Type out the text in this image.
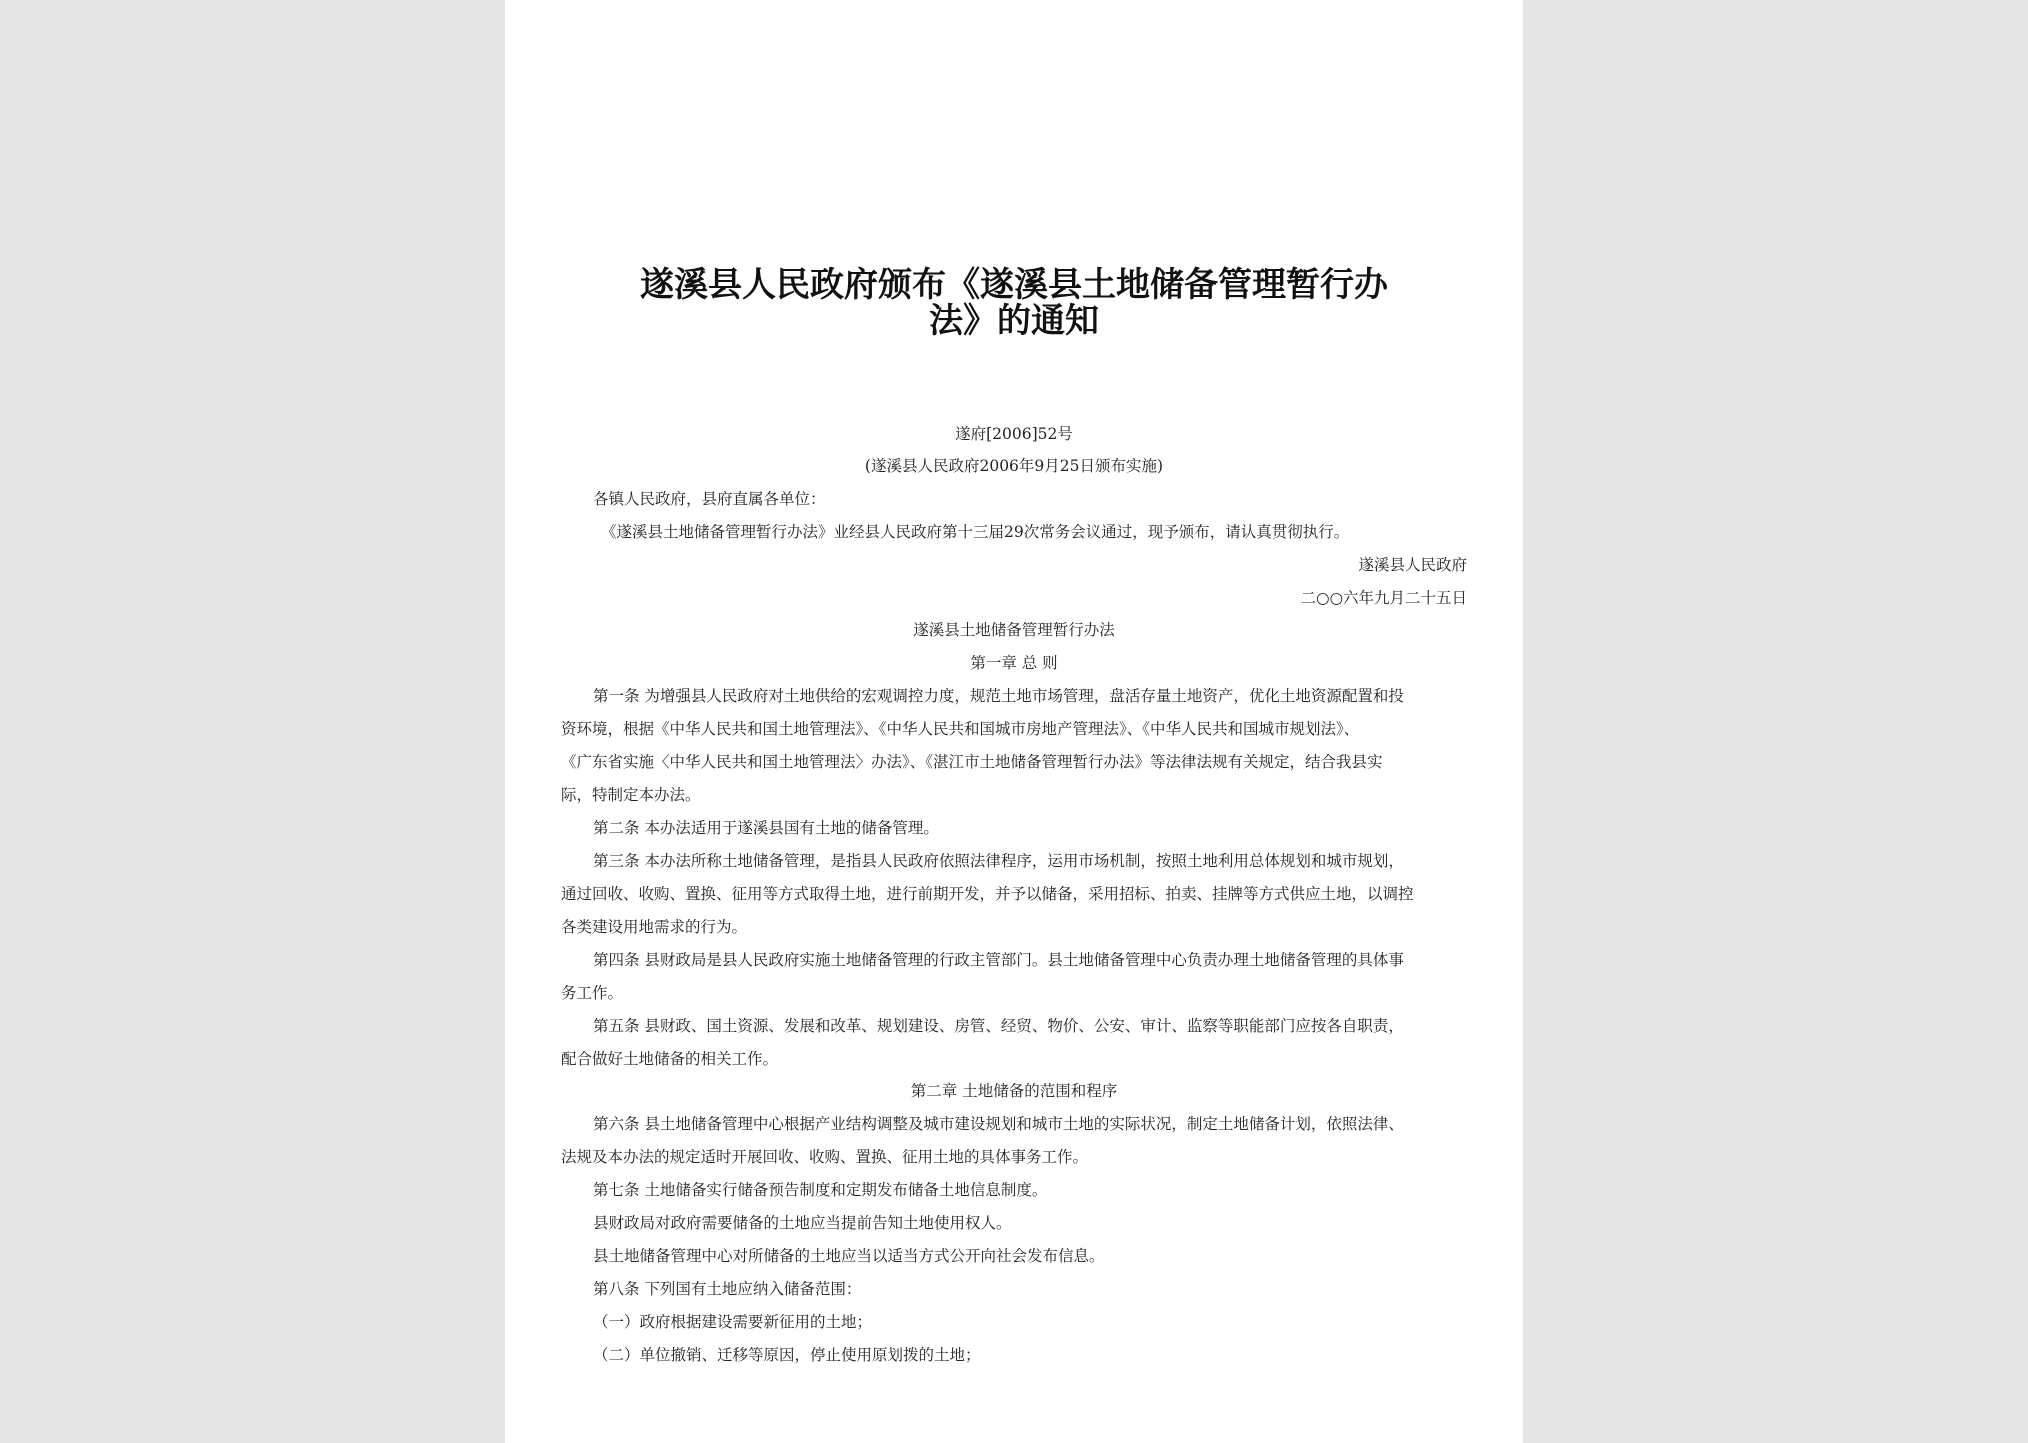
遂溪县人民政府颁布《遂溪县土地储备管理暂行办
法》的通知
遂府[2006]52号
(遂溪县人民政府2006年9月25日颁布实施)
各镇人民政府，县府直属各单位：
《遂溪县土地储备管理暂行办法》业经县人民政府第十三届29次常务会议通过，现予颁布，请认真贯彻执行。
遂溪县人民政府
二○○六年九月二十五日
遂溪县土地储备管理暂行办法
第一章 总 则
第一条 为增强县人民政府对土地供给的宏观调控力度，规范土地市场管理，盘活存量土地资产，优化土地资源配置和投
资环境，根据《中华人民共和国土地管理法》、《中华人民共和国城市房地产管理法》、《中华人民共和国城市规划法》、
《广东省实施〈中华人民共和国土地管理法〉办法》、《湛江市土地储备管理暂行办法》等法律法规有关规定，结合我县实
际，特制定本办法。
第二条 本办法适用于遂溪县国有土地的储备管理。
第三条 本办法所称土地储备管理，是指县人民政府依照法律程序，运用市场机制，按照土地利用总体规划和城市规划，
通过回收、收购、置换、征用等方式取得土地，进行前期开发，并予以储备，采用招标、拍卖、挂牌等方式供应土地，以调控
各类建设用地需求的行为。
第四条 县财政局是县人民政府实施土地储备管理的行政主管部门。县土地储备管理中心负责办理土地储备管理的具体事
务工作。
第五条 县财政、国土资源、发展和改革、规划建设、房管、经贸、物价、公安、审计、监察等职能部门应按各自职责，
配合做好土地储备的相关工作。
第二章 土地储备的范围和程序
第六条 县土地储备管理中心根据产业结构调整及城市建设规划和城市土地的实际状况，制定土地储备计划，依照法律、
法规及本办法的规定适时开展回收、收购、置换、征用土地的具体事务工作。
第七条 土地储备实行储备预告制度和定期发布储备土地信息制度。
县财政局对政府需要储备的土地应当提前告知土地使用权人。
县土地储备管理中心对所储备的土地应当以适当方式公开向社会发布信息。
第八条 下列国有土地应纳入储备范围：
（一）政府根据建设需要新征用的土地；
（二）单位撤销、迁移等原因，停止使用原划拨的土地；
